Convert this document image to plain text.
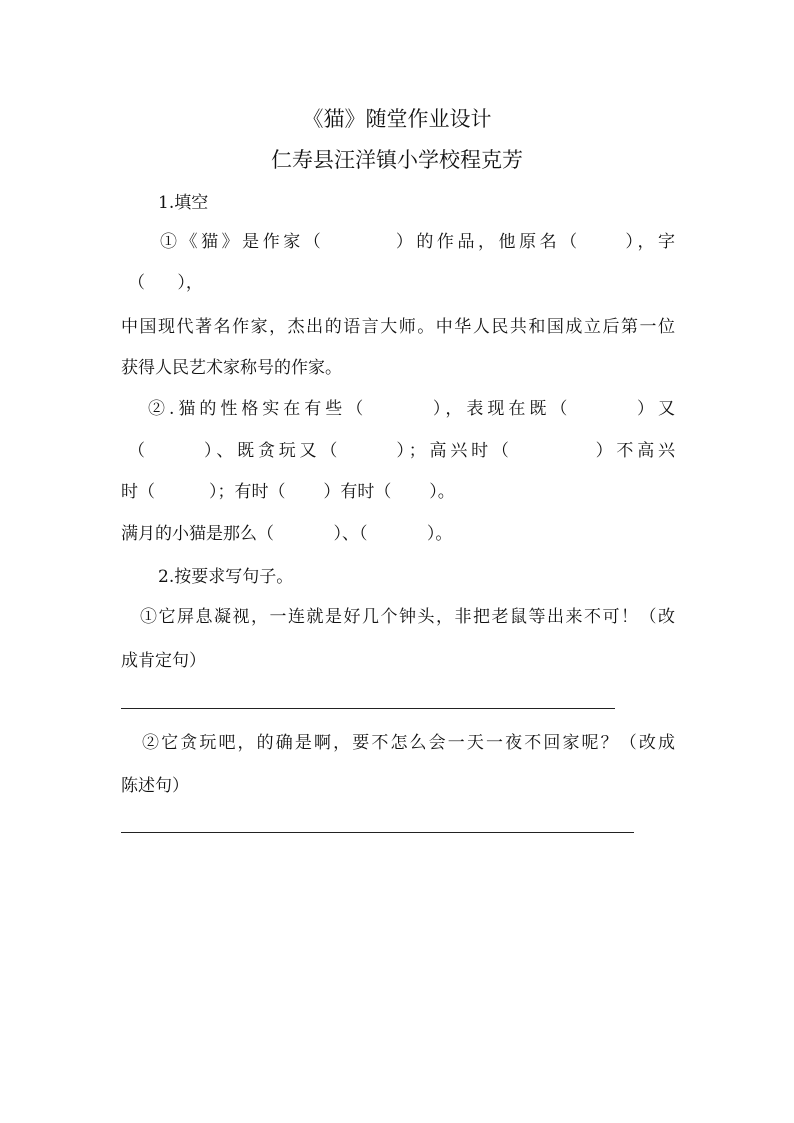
《猫》随堂作业设计
仁寿县汪洋镇小学校程克芳
1.填空
①《猫》是作家（        ）的作品，他原名（     ），字
（      ），
中国现代著名作家，杰出的语言大师。中华人民共和国成立后第一位
获得人民艺术家称号的作家。
②.猫的性格实在有些（       ），表现在既（       ）又
（      ）、既贪玩又（      ）；高兴时（         ）不高兴
时（          ）；有时（       ）有时（       ）。
满月的小猫是那么（           ）、（           ）。
2.按要求写句子。
①它屏息凝视，一连就是好几个钟头，非把老鼠等出来不可！（改
成肯定句）
②它贪玩吧，的确是啊，要不怎么会一天一夜不回家呢？（改成
陈述句）
